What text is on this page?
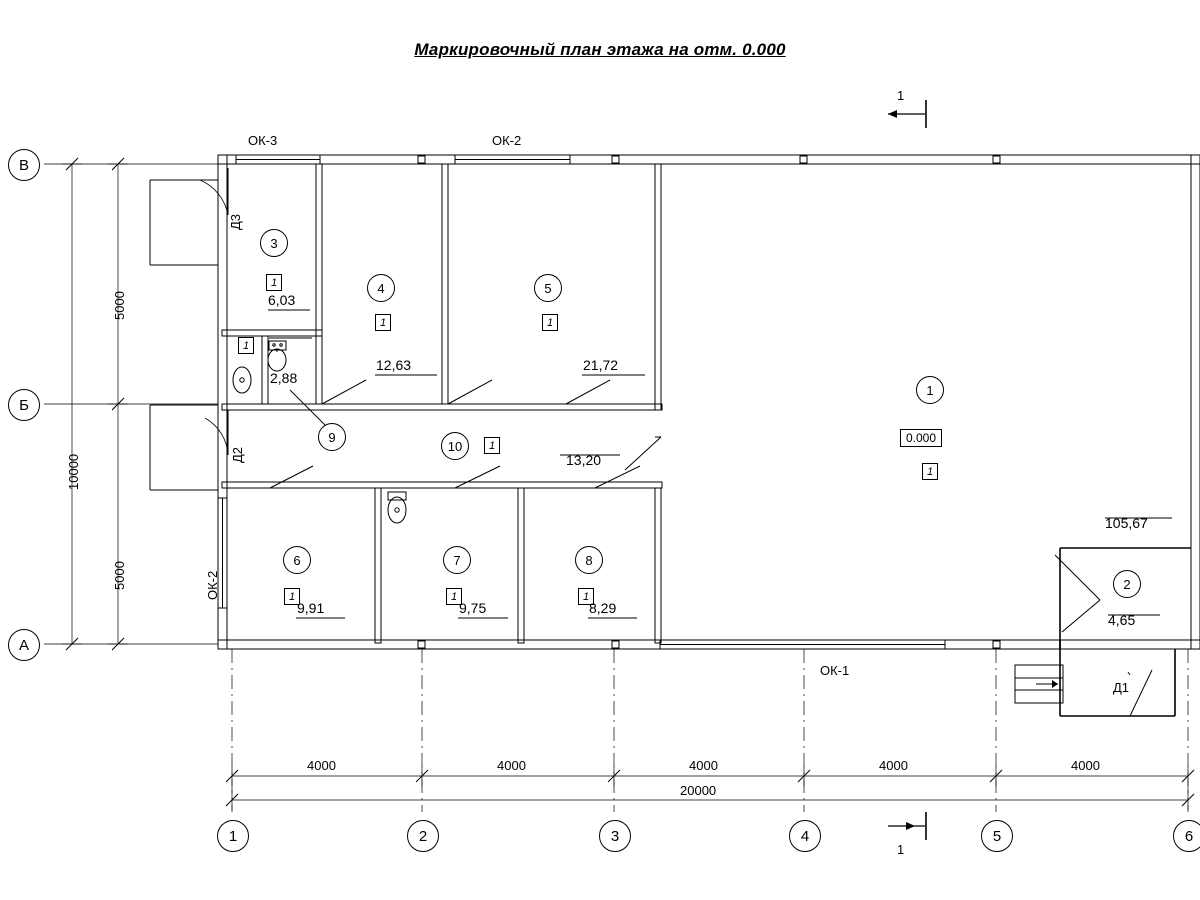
Маркировочный план этажа на отм. 0.000
1
1
В
Б
А
1	2	3	4	5	6
5000
5000
10000
4000	4000	4000	4000	4000
20000
ОК-3	ОК-2
ОК-2
ОК-1
Д3
Д2
Д1
1
0.000
1
105,67
2
4,65
3
1
6,03
4
1
12,63
5
1
21,72
6
1
9,91
7
1
9,75
8
1
8,29
9
1
2,88
10	1
13,20
